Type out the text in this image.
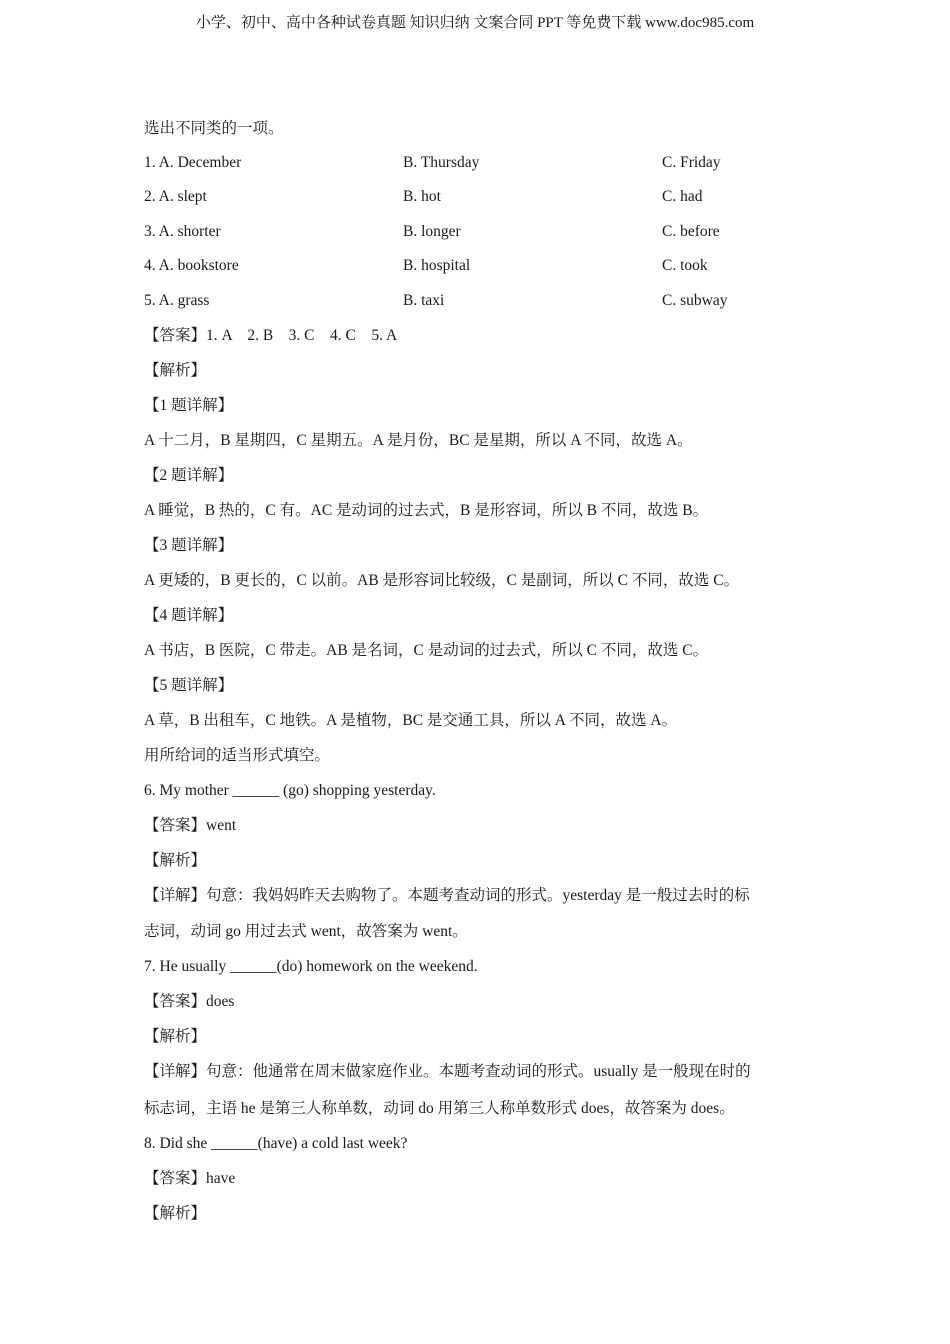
小学、初中、高中各种试卷真题 知识归纳 文案合同 PPT 等免费下载 www.doc985.com
选出不同类的一项。
1. A. December	B. Thursday	C. Friday
2. A. slept	B. hot	C. had
3. A. shorter	B. longer	C. before
4. A. bookstore	B. hospital	C. took
5. A. grass	B. taxi	C. subway
【答案】1. A    2. B    3. C    4. C    5. A
【解析】
【1 题详解】
A 十二月，B 星期四，C 星期五。A 是月份，BC 是星期，所以 A 不同，故选 A。
【2 题详解】
A 睡觉，B 热的，C 有。AC 是动词的过去式，B 是形容词，所以 B 不同，故选 B。
【3 题详解】
A 更矮的，B 更长的，C 以前。AB 是形容词比较级，C 是副词，所以 C 不同，故选 C。
【4 题详解】
A 书店，B 医院，C 带走。AB 是名词，C 是动词的过去式，所以 C 不同，故选 C。
【5 题详解】
A 草，B 出租车，C 地铁。A 是植物，BC 是交通工具，所以 A 不同，故选 A。
用所给词的适当形式填空。
6. My mother ______ (go) shopping yesterday.
【答案】went
【解析】
【详解】句意：我妈妈昨天去购物了。本题考查动词的形式。yesterday 是一般过去时的标
志词，动词 go 用过去式 went，故答案为 went。
7. He usually ______(do) homework on the weekend.
【答案】does
【解析】
【详解】句意：他通常在周末做家庭作业。本题考查动词的形式。usually 是一般现在时的
标志词，主语 he 是第三人称单数，动词 do 用第三人称单数形式 does，故答案为 does。
8. Did she ______(have) a cold last week?
【答案】have
【解析】
